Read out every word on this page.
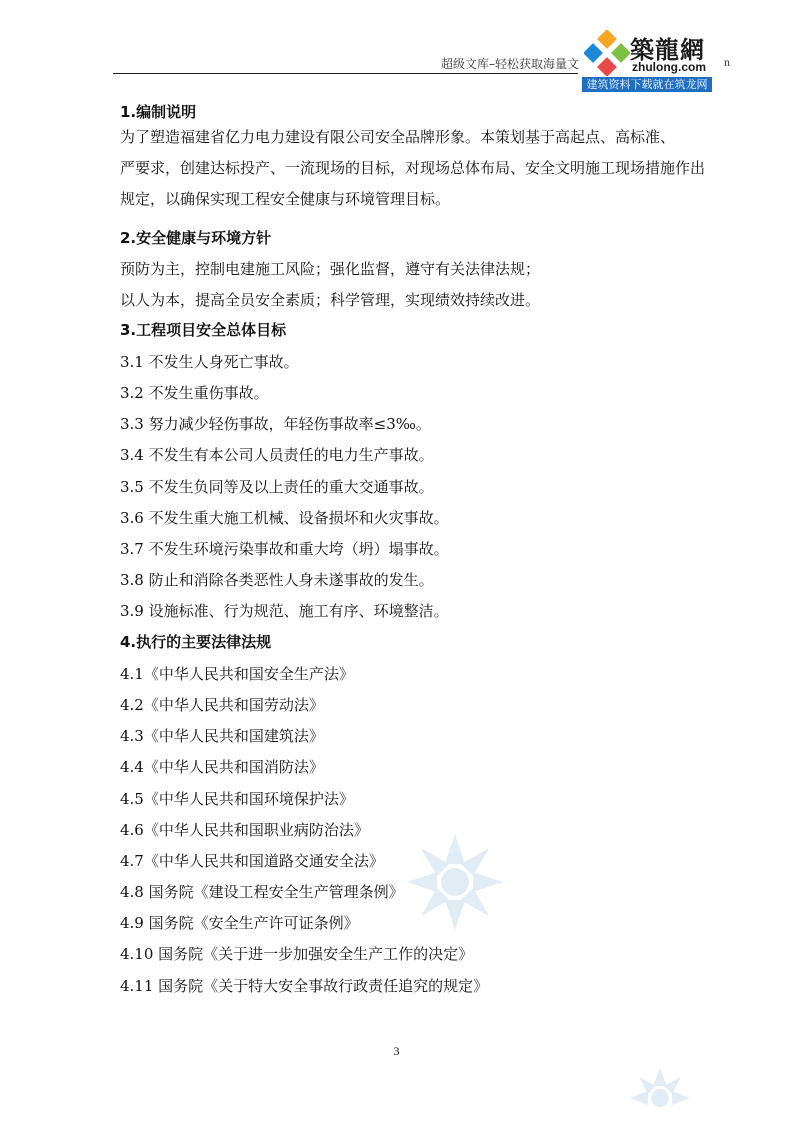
超级文库–轻松获取海量文	n
築龍網
zhulong.com
建筑资料下载就在筑龙网
1.编制说明
为了塑造福建省亿力电力建设有限公司安全品牌形象。本策划基于高起点、高标准、
严要求，创建达标投产、一流现场的目标，对现场总体布局、安全文明施工现场措施作出
规定，以确保实现工程安全健康与环境管理目标。
2.安全健康与环境方针
预防为主，控制电建施工风险；强化监督，遵守有关法律法规；
以人为本，提高全员安全素质；科学管理，实现绩效持续改进。
3.工程项目安全总体目标
3.1 不发生人身死亡事故。
3.2 不发生重伤事故。
3.3 努力减少轻伤事故，年轻伤事故率≤3‰。
3.4 不发生有本公司人员责任的电力生产事故。
3.5 不发生负同等及以上责任的重大交通事故。
3.6 不发生重大施工机械、设备损坏和火灾事故。
3.7 不发生环境污染事故和重大垮（坍）塌事故。
3.8 防止和消除各类恶性人身未遂事故的发生。
3.9 设施标准、行为规范、施工有序、环境整洁。
4.执行的主要法律法规
4.1《中华人民共和国安全生产法》
4.2《中华人民共和国劳动法》
4.3《中华人民共和国建筑法》
4.4《中华人民共和国消防法》
4.5《中华人民共和国环境保护法》
4.6《中华人民共和国职业病防治法》
4.7《中华人民共和国道路交通安全法》
4.8 国务院《建设工程安全生产管理条例》
4.9 国务院《安全生产许可证条例》
4.10 国务院《关于进一步加强安全生产工作的决定》
4.11 国务院《关于特大安全事故行政责任追究的规定》
3
